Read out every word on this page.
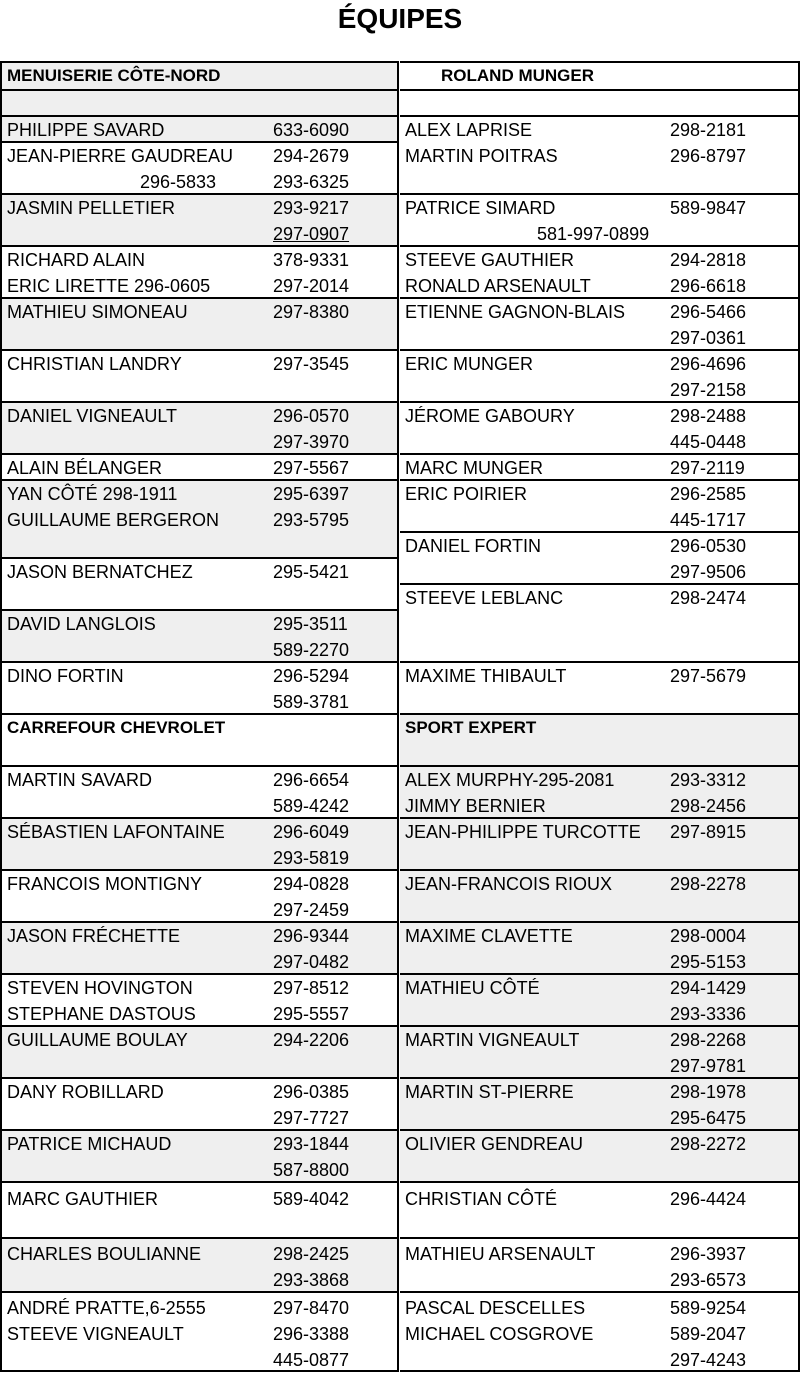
ÉQUIPES
MENUISERIE CÔTE-NORD
PHILIPPE SAVARD	633-6090
JEAN-PIERRE GAUDREAU 294-2679
296-5833	293-6325
JASMIN PELLETIER	293-9217
297-0907
RICHARD ALAIN	378-9331
ERIC LIRETTE 296-0605	297-2014
MATHIEU SIMONEAU	297-8380
CHRISTIAN LANDRY	297-3545
DANIEL VIGNEAULT	296-0570
297-3970
ALAIN BÉLANGER	297-5567
YAN CÔTÉ 298-1911	295-6397
GUILLAUME BERGERON	293-5795
JASON BERNATCHEZ	295-5421
DAVID LANGLOIS	295-3511
589-2270
DINO FORTIN	296-5294
589-3781
CARREFOUR CHEVROLET
MARTIN SAVARD	296-6654
589-4242
SÉBASTIEN LAFONTAINE	296-6049
293-5819
FRANCOIS MONTIGNY	294-0828
297-2459
JASON FRÉCHETTE	296-9344
297-0482
STEVEN HOVINGTON	297-8512
STEPHANE DASTOUS	295-5557
GUILLAUME BOULAY	294-2206
DANY ROBILLARD	296-0385
297-7727
PATRICE MICHAUD	293-1844
587-8800
MARC GAUTHIER	589-4042
CHARLES BOULIANNE	298-2425
293-3868
ANDRÉ PRATTE,6-2555	297-8470
STEEVE VIGNEAULT	296-3388
445-0877
ROLAND MUNGER
ALEX LAPRISE	298-2181
MARTIN POITRAS	296-8797
PATRICE SIMARD	589-9847
581-997-0899
STEEVE GAUTHIER	294-2818
RONALD ARSENAULT	296-6618
ETIENNE GAGNON-BLAIS 296-5466
297-0361
ERIC MUNGER	296-4696
297-2158
JÉROME GABOURY	298-2488
445-0448
MARC MUNGER	297-2119
ERIC POIRIER	296-2585
445-1717
DANIEL FORTIN	296-0530
297-9506
STEEVE LEBLANC	298-2474
MAXIME THIBAULT	297-5679
SPORT EXPERT
ALEX MURPHY-295-2081	293-3312
JIMMY BERNIER	298-2456
JEAN-PHILIPPE TURCOTTE 297-8915
JEAN-FRANCOIS RIOUX	298-2278
MAXIME CLAVETTE	298-0004
295-5153
MATHIEU CÔTÉ	294-1429
293-3336
MARTIN VIGNEAULT	298-2268
297-9781
MARTIN ST-PIERRE	298-1978
295-6475
OLIVIER GENDREAU	298-2272
CHRISTIAN CÔTÉ	296-4424
MATHIEU ARSENAULT	296-3937
293-6573
PASCAL DESCELLES	589-9254
MICHAEL COSGROVE	589-2047
297-4243
